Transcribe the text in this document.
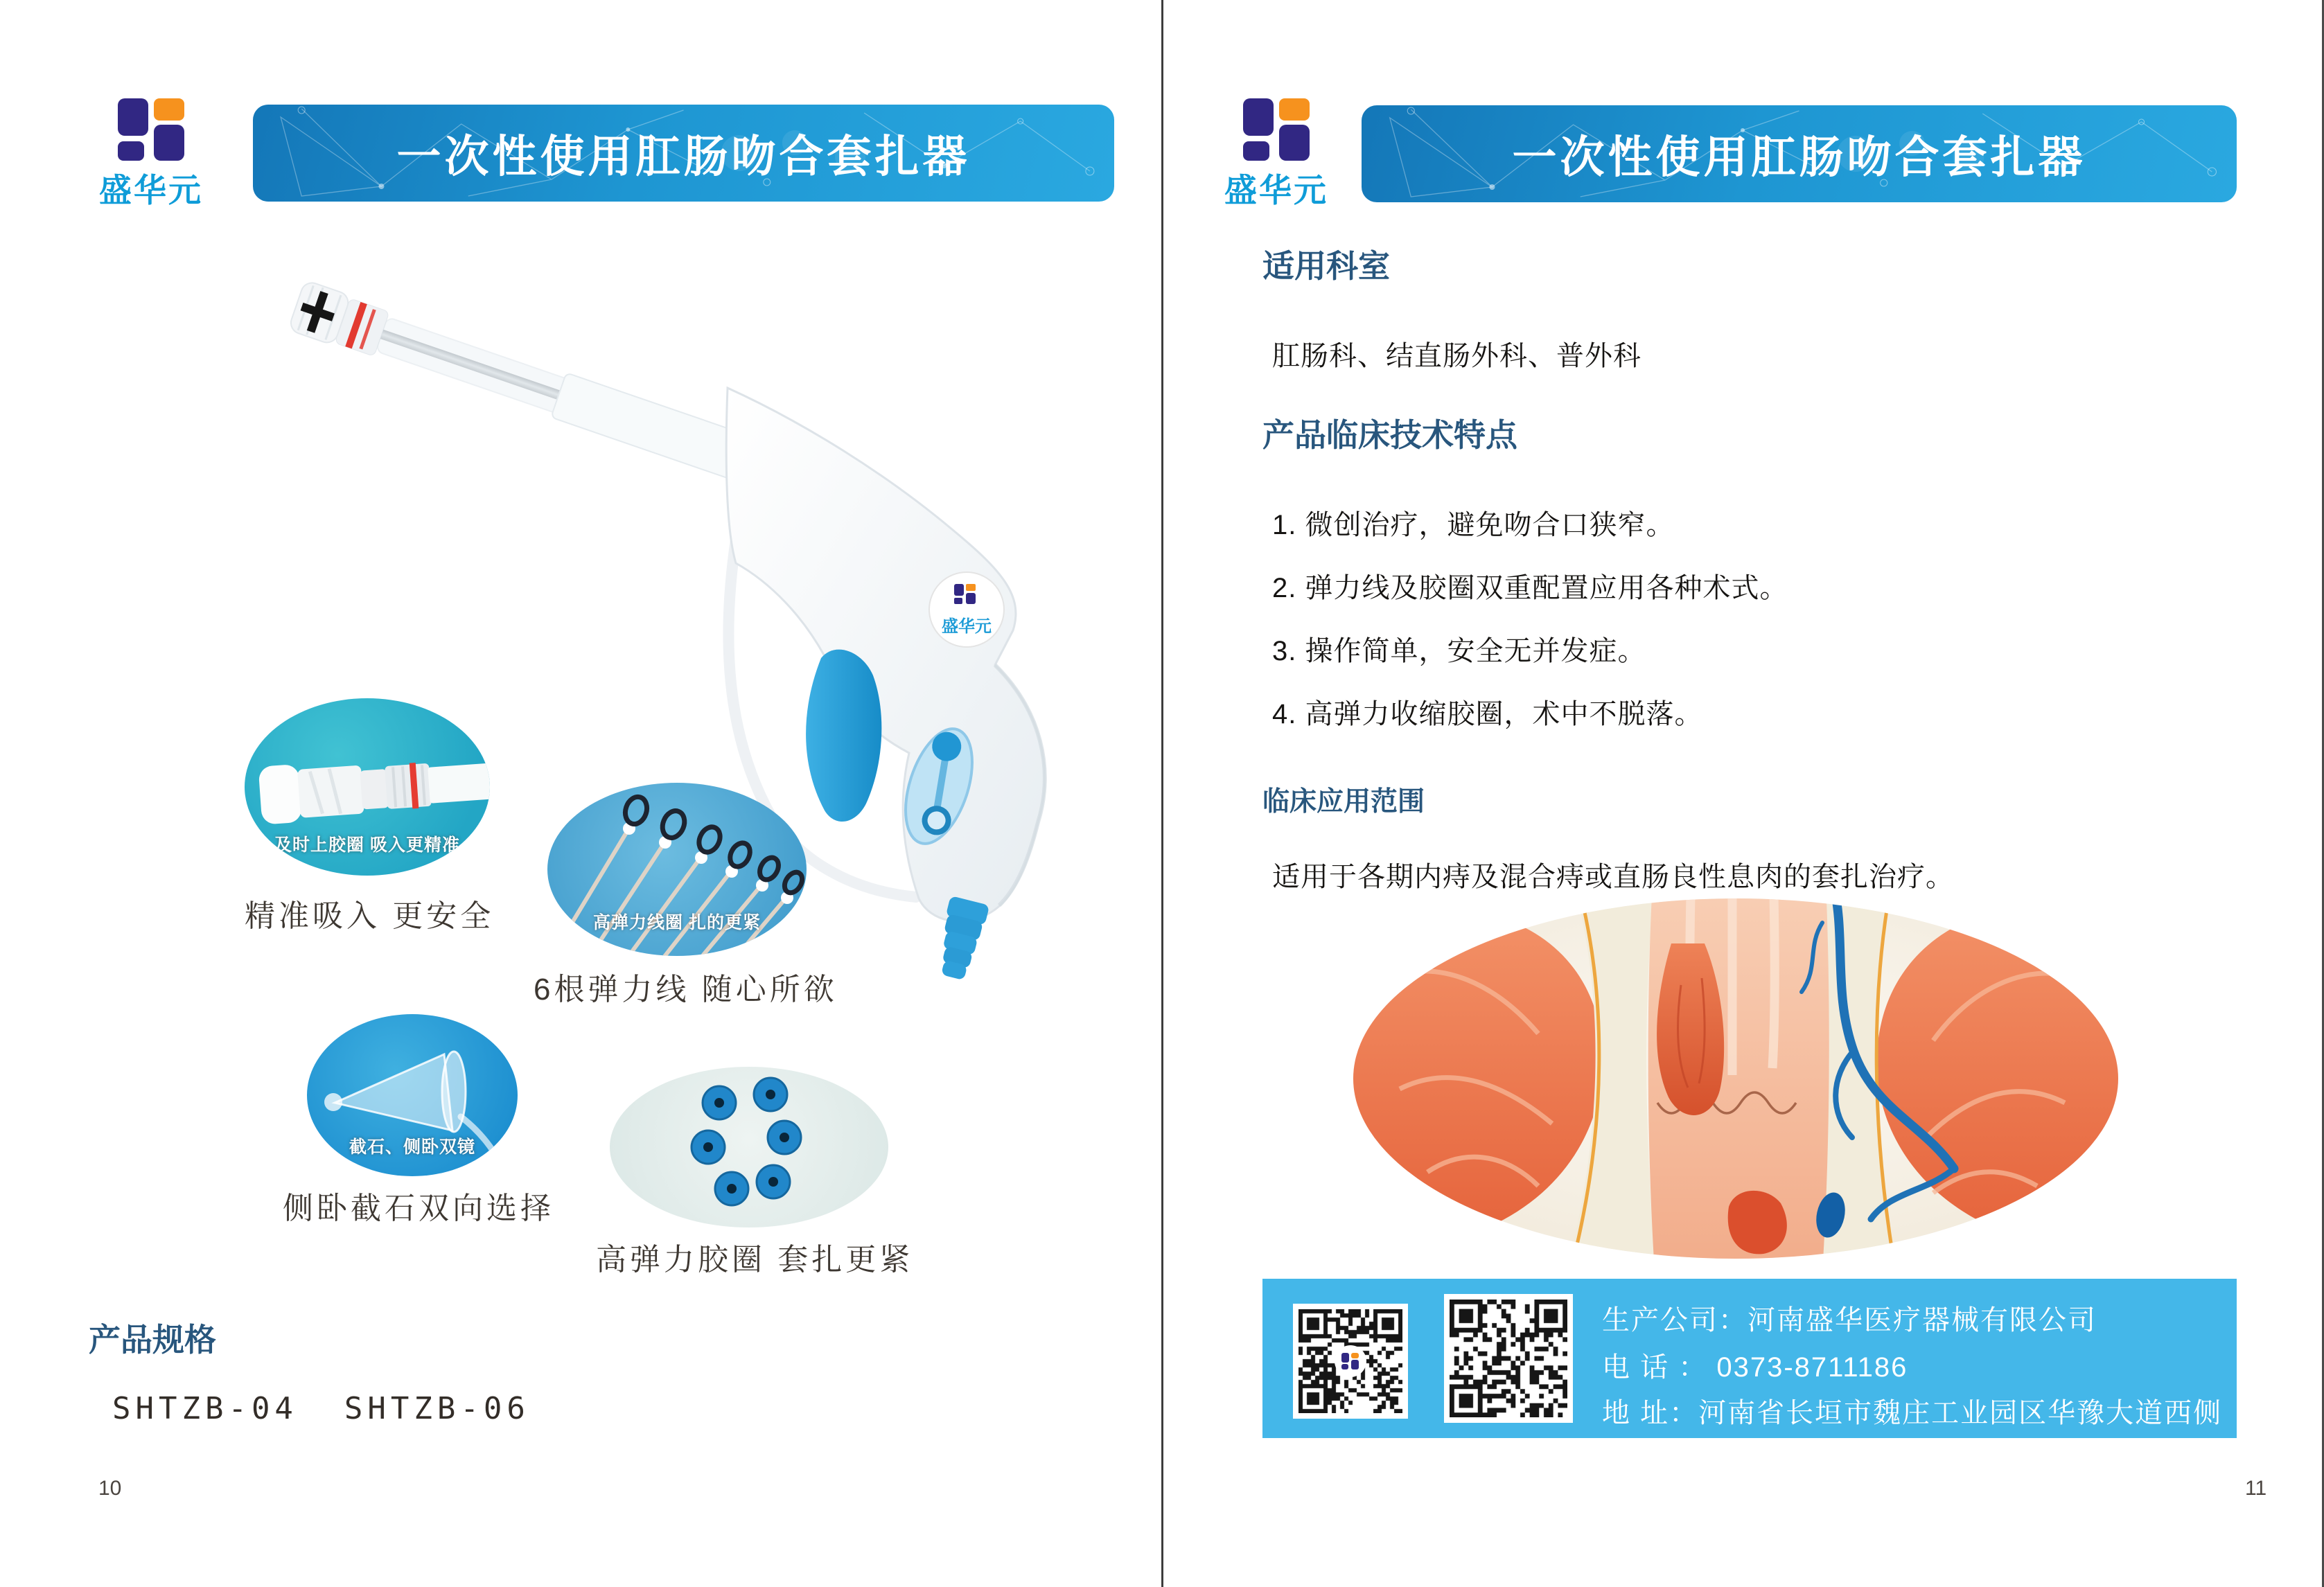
盛华元
一次性使用肛肠吻合套扎器
盛华元
及时上胶圈 吸入更精准
精准吸入 更安全	高弹力线圈 扎的更紧
6根弹力线 随心所欲
截石、侧卧双镜
侧卧截石双向选择
高弹力胶圈 套扎更紧
产品规格
SHTZB-04  SHTZB-06
10
盛华元
一次性使用肛肠吻合套扎器
适用科室
肛肠科、结直肠外科、普外科
产品临床技术特点
1. 微创治疗，避免吻合口狭窄。
2. 弹力线及胶圈双重配置应用各种术式。
3. 操作简单，安全无并发症。
4. 高弹力收缩胶圈，术中不脱落。
临床应用范围
适用于各期内痔及混合痔或直肠良性息肉的套扎治疗。
生产公司：河南盛华医疗器械有限公司
电 话 ： 0373-8711186
地 址：河南省长垣市魏庄工业园区华豫大道西侧
11
